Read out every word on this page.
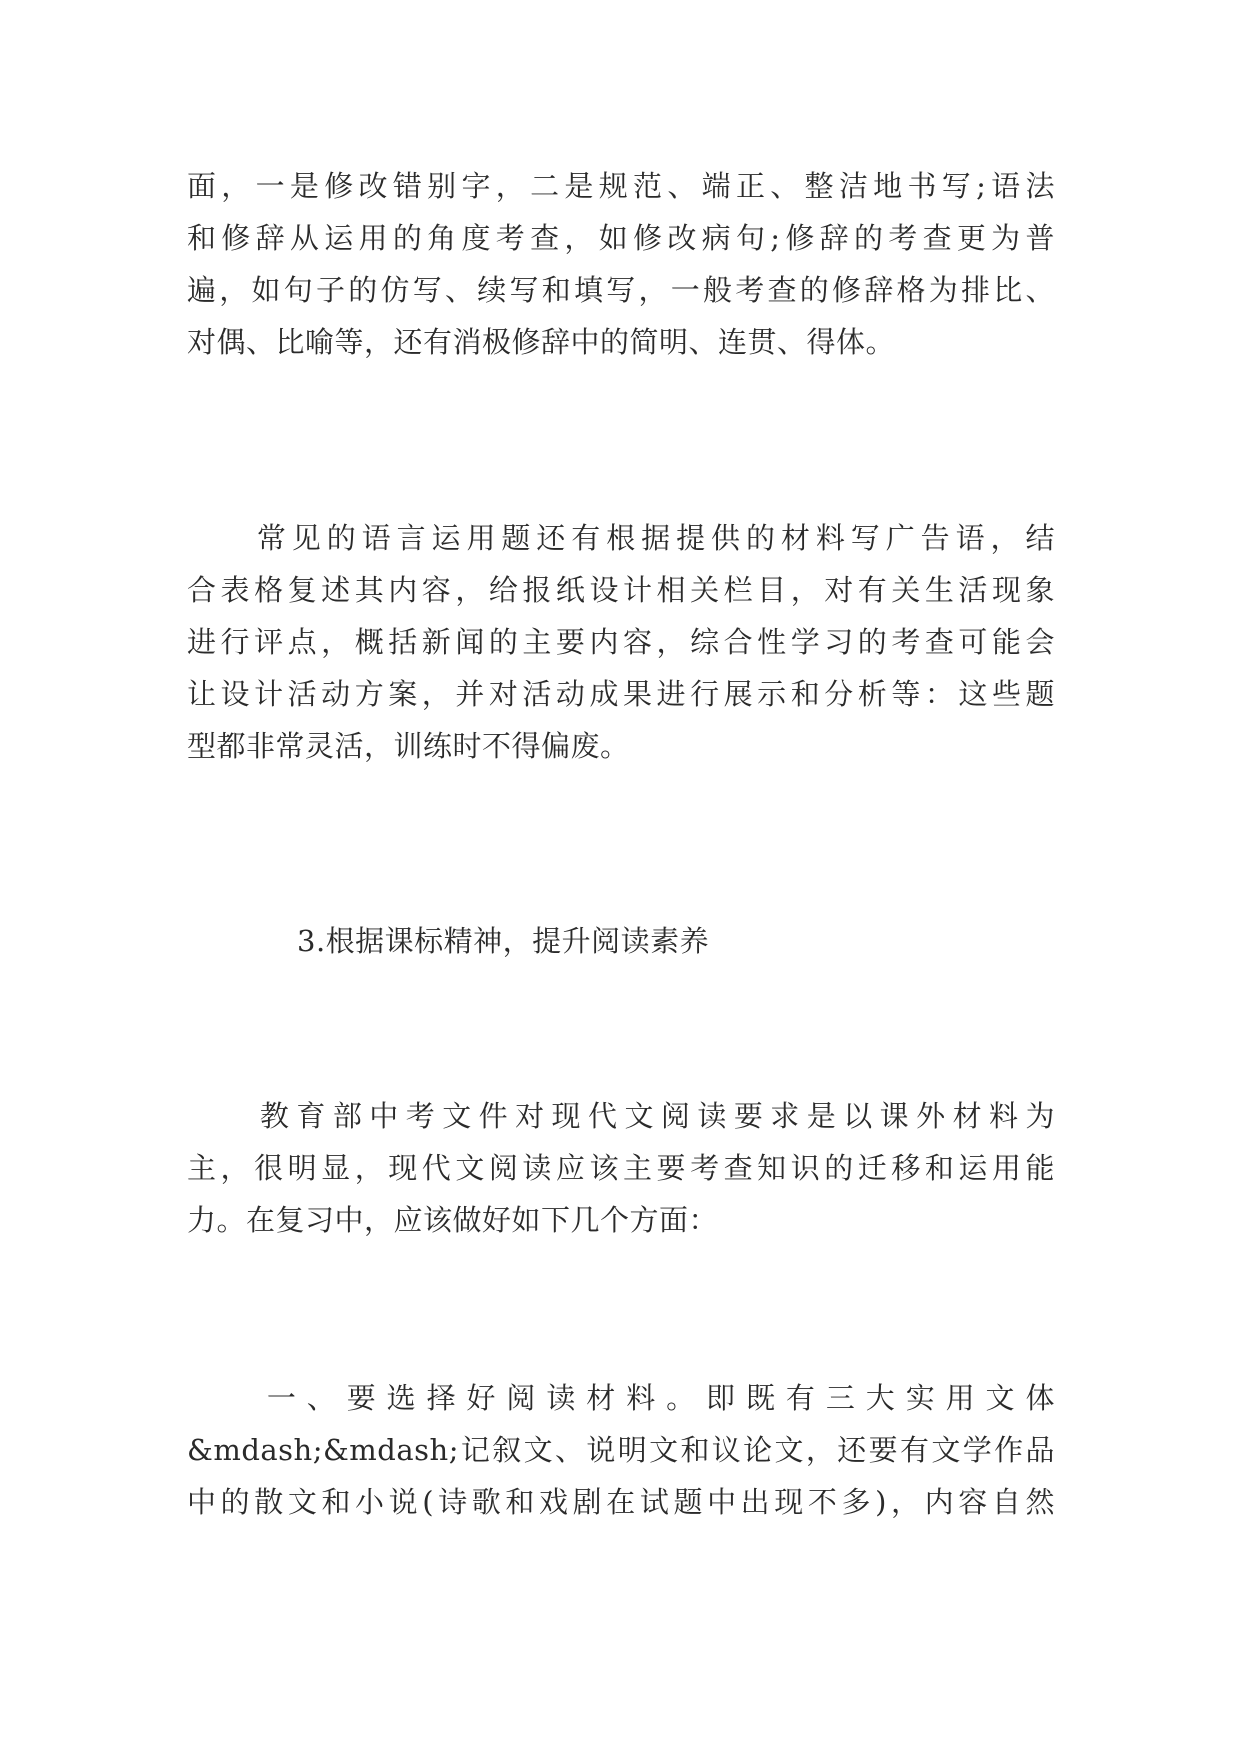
面，一是修改错别字，二是规范、端正、整洁地书写;语法
和修辞从运用的角度考查，如修改病句;修辞的考查更为普
遍，如句子的仿写、续写和填写，一般考查的修辞格为排比、
对偶、比喻等，还有消极修辞中的简明、连贯、得体。
　　常见的语言运用题还有根据提供的材料写广告语，结
合表格复述其内容，给报纸设计相关栏目，对有关生活现象
进行评点，概括新闻的主要内容，综合性学习的考查可能会
让设计活动方案，并对活动成果进行展示和分析等：这些题
型都非常灵活，训练时不得偏废。

3.根据课标精神，提升阅读素养

　　教育部中考文件对现代文阅读要求是以课外材料为
主，很明显，现代文阅读应该主要考查知识的迁移和运用能
力。在复习中，应该做好如下几个方面：
　　一、要选择好阅读材料。即既有三大实用文体
&mdash;&mdash;记叙文、说明文和议论文，还要有文学作品
中的散文和小说(诗歌和戏剧在试题中出现不多)，内容自然
